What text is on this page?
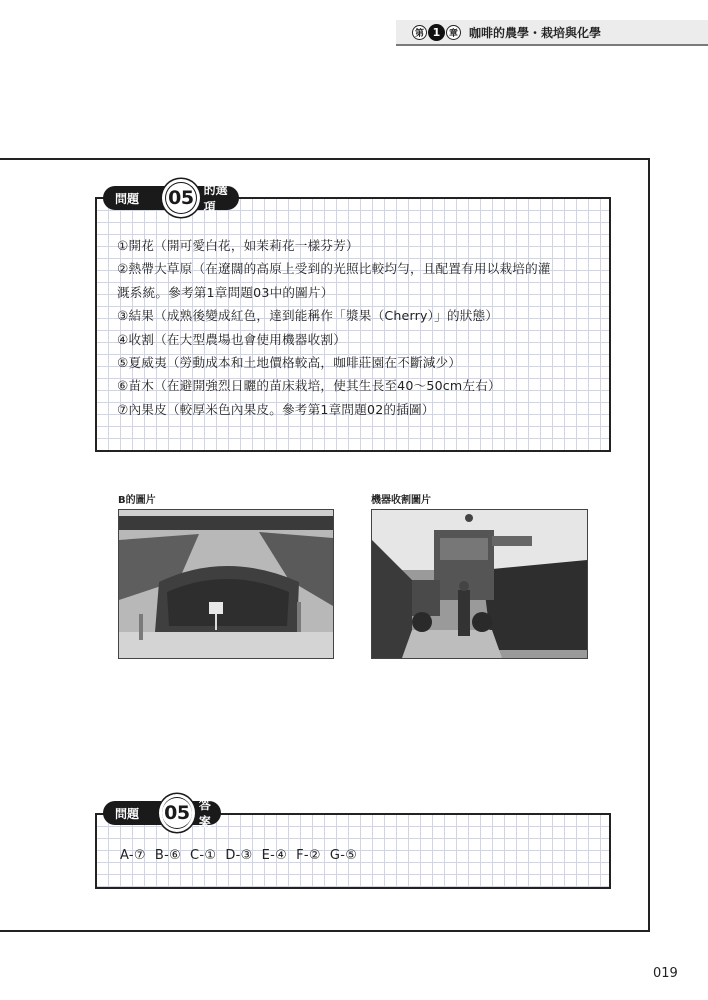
第 1 章 咖啡的農學・栽培與化學
問題	05 的選項
①開花（開可愛白花，如茉莉花一樣芬芳）
②熱帶大草原（在遼闊的高原上受到的光照比較均勻，且配置有用以栽培的灌
溉系統。參考第1章問題03中的圖片）
③結果（成熟後變成紅色，達到能稱作「漿果（Cherry）」的狀態）
④收割（在大型農場也會使用機器收割）
⑤夏威夷（勞動成本和土地價格較高，咖啡莊園在不斷減少）
⑥苗木（在避開強烈日曬的苗床栽培，使其生長至40〜50cm左右）
⑦內果皮（較厚米色內果皮。參考第1章問題02的插圖）
B的圖片	機器收割圖片
問題	05 答案
A-⑦ B-⑥ C-① D-③ E-④ F-② G-⑤
019
